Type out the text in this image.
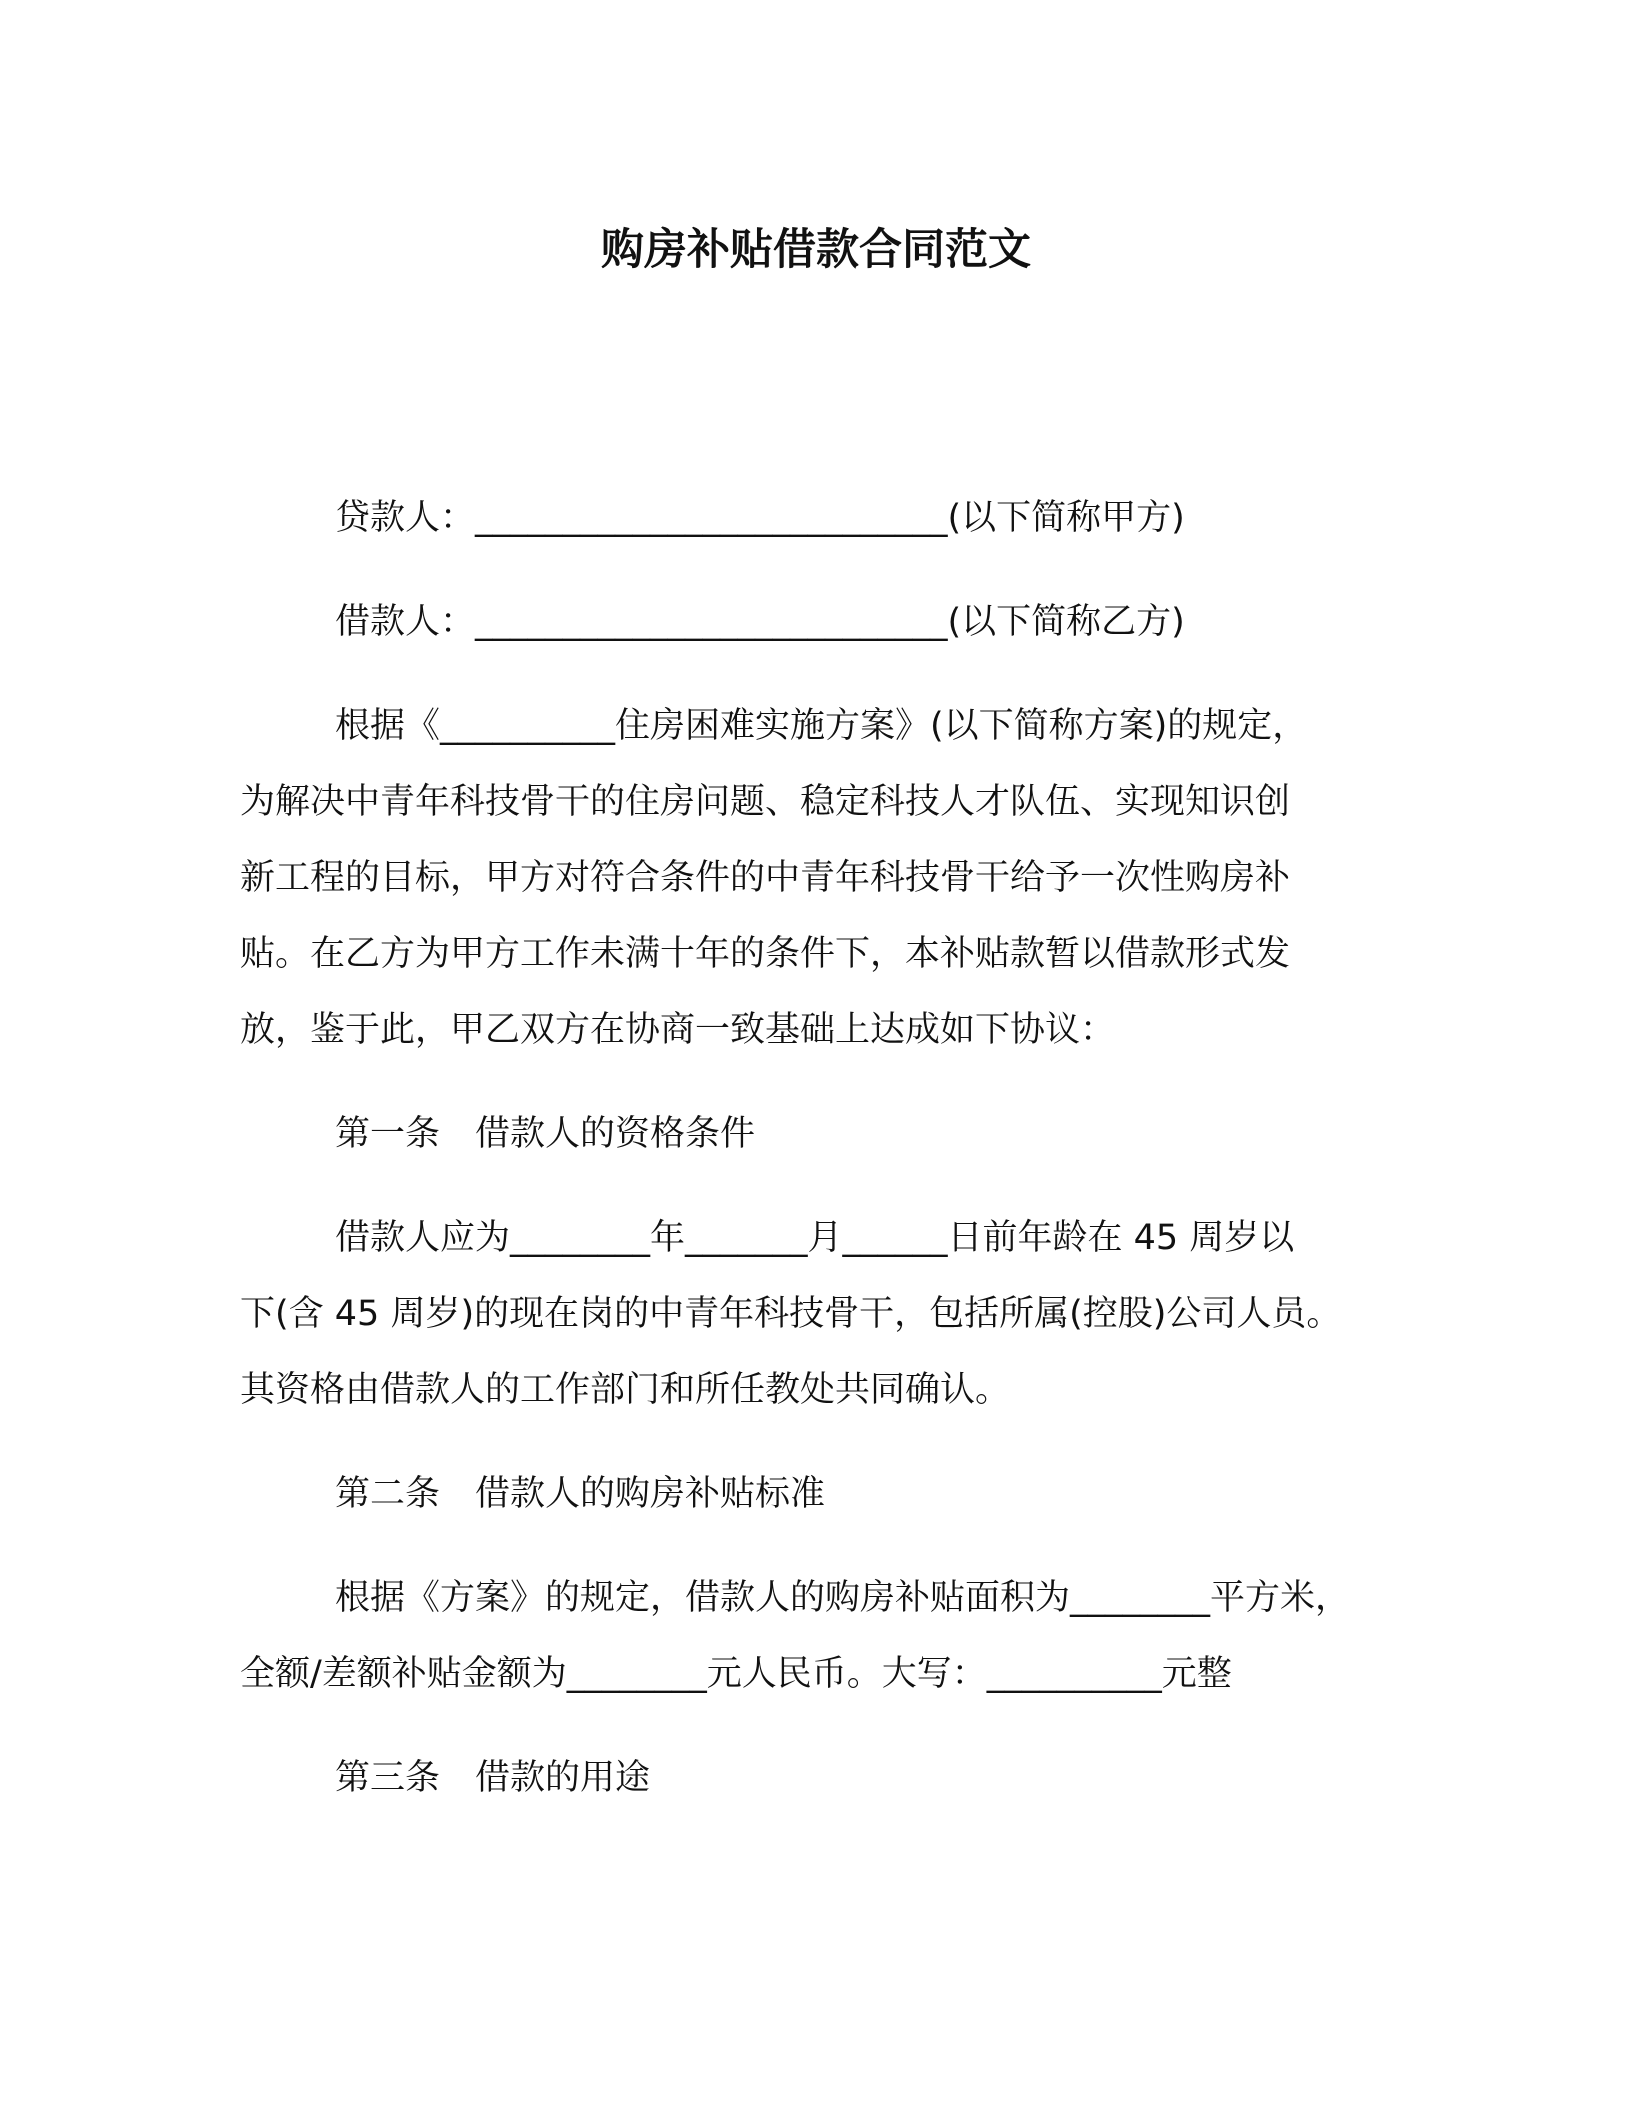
购房补贴借款合同范文

贷款人：___________________________(以下简称甲方)

借款人：___________________________(以下简称乙方)

根据《__________住房困难实施方案》(以下简称方案)的规定，

为解决中青年科技骨干的住房问题、稳定科技人才队伍、实现知识创

新工程的目标，甲方对符合条件的中青年科技骨干给予一次性购房补

贴。在乙方为甲方工作未满十年的条件下，本补贴款暂以借款形式发

放，鉴于此，甲乙双方在协商一致基础上达成如下协议：

第一条　借款人的资格条件

借款人应为________年_______月______日前年龄在 45 周岁以

下(含 45 周岁)的现在岗的中青年科技骨干，包括所属(控股)公司人员。

其资格由借款人的工作部门和所任教处共同确认。

第二条　借款人的购房补贴标准

根据《方案》的规定，借款人的购房补贴面积为________平方米，

全额/差额补贴金额为________元人民币。大写：__________元整

第三条　借款的用途
